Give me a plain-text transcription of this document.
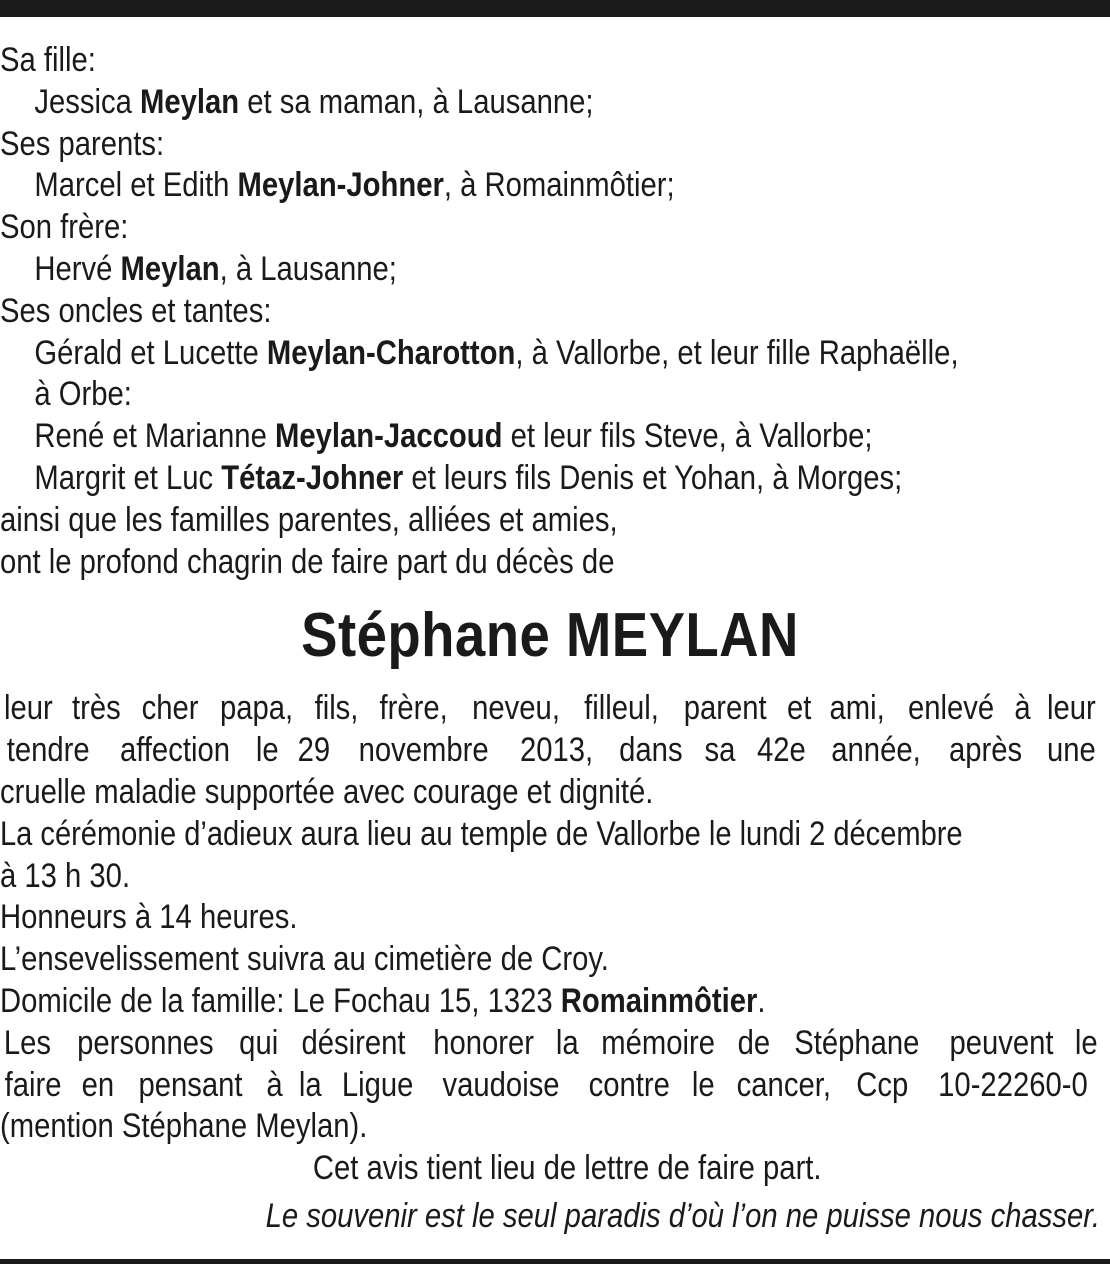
Sa fille:
Jessica Meylan et sa maman, à Lausanne;
Ses parents:
Marcel et Edith Meylan-Johner, à Romainmôtier;
Son frère:
Hervé Meylan, à Lausanne;
Ses oncles et tantes:
Gérald et Lucette Meylan-Charotton, à Vallorbe, et leur fille Raphaëlle,
à Orbe:
René et Marianne Meylan-Jaccoud et leur fils Steve, à Vallorbe;
Margrit et Luc Tétaz-Johner et leurs fils Denis et Yohan, à Morges;
ainsi que les familles parentes, alliées et amies,
ont le profond chagrin de faire part du décès de
Stéphane MEYLAN
leur très cher papa, fils, frère, neveu, filleul, parent et ami, enlevé à leur
tendre affection le 29 novembre 2013, dans sa 42e année, après une
cruelle maladie supportée avec courage et dignité.
La cérémonie d’adieux aura lieu au temple de Vallorbe le lundi 2 décembre
à 13 h 30.
Honneurs à 14 heures.
L’ensevelissement suivra au cimetière de Croy.
Domicile de la famille: Le Fochau 15, 1323 Romainmôtier.
Les personnes qui désirent honorer la mémoire de Stéphane peuvent le
faire en pensant à la Ligue vaudoise contre le cancer, Ccp 10-22260-0
(mention Stéphane Meylan).
Cet avis tient lieu de lettre de faire part.
Le souvenir est le seul paradis d’où l’on ne puisse nous chasser.
